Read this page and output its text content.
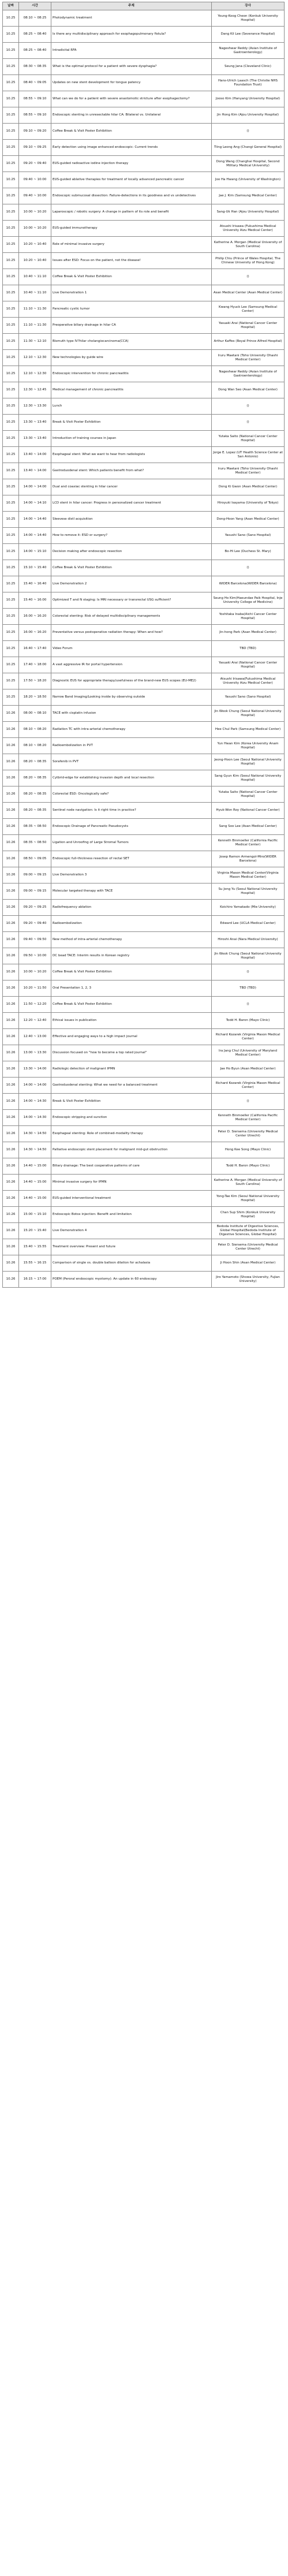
날짜	시간	주제	강사
10.25	08:10 ~ 08:25	Photodynamic treatment	Young-Koog Cheon (Konkuk University Hospital)
10.25	08:25 ~ 08:40	Is there any multidisciplinary approach for esophagopulmonary fistula?	Dang Kil Lee (Severance Hospital)
10.25	08:25 ~ 08:40	Intradicital RFA	Nageshwar Reddy (Asian Institute of Gastroenterology)
10.25	08:30 ~ 08:35	What is the optimal protocol for a patient with severe dysphagia?	Seung Jana (Cleveland Clinic)
10.25	08:40 ~ 09:05	Updates on new stent development for tongue patency	Hans-Ulrich Laasch (The Christie NHS Foundation Trust)
10.25	08:55 ~ 09:10	What can we do for a patient with severe anastomotic stricture after esophagectomy?	Jooso Kim (Hanyang University Hospital)
10.25	08:55 ~ 09:10	Endoscopic stenting in unresectable hilar CA: Bilateral vs. Unilateral	Jin Hong Kim (Ajou University Hospital)
10.25	09:10 ~ 09:20	Coffee Break & Visit Poster Exhibition	()
10.25	09:10 ~ 09:25	Early detection using image enhanced endoscopic: Current trends	Tiing Leong Ang (Changi General Hospital)
10.25	09:20 ~ 09:40	EUS-guided radioactive iodine injection therapy	Dong Wang (Changhai Hospital, Second Military Medical University)
10.25	09:40 ~ 10:00	EUS-guided ablative therapies for treatment of locally advanced pancreatic cancer	Joo Ha Hwang (University of Washington)
10.25	09:40 ~ 10:00	Endoscopic submucosal dissection: Failure-detections in its goodness and vs undetectives	Jae J. Kim (Samsung Medical Center)
10.25	10:00 ~ 10:20	Laparoscopic / robotic surgery: A change in pattern of its role and benefit	Sang-Uk Han (Ajou University Hospital)
10.25	10:00 ~ 10:20	EUS-guided immunotherapy	Atsushi Irisawa (Fukushima Medical University Aizu Medical Center)
10.25	10:20 ~ 10:40	Role of minimal invasive surgery	Katherine A. Morgan (Medical University of South Carolina)
10.25	10:20 ~ 10:40	Issues after ESD: Focus on the patient, not the disease!	Philip Chiu (Prince of Wales Hospital, The Chinese University of Hong Kong)
10.25	10:40 ~ 11:10	Coffee Break & Visit Poster Exhibition	()
10.25	10:40 ~ 11:10	Live Demonstration 1	Asan Medical Center (Asan Medical Center)
10.25	11:10 ~ 11:30	Pancreatic cystic tumor	Kwang Hyuck Lee (Samsung Medical Center)
10.25	11:10 ~ 11:30	Preoperative biliary drainage in hilar CA	Yasuaki Arai (National Cancer Center Hospital)
10.25	11:30 ~ 12:10	Bismuth type IV?hilar cholangiocarcinoma(CCA)	Arthur Kaffes (Royal Prince Alfred Hospital)
10.25	12:10 ~ 12:30	New technologies by guide wire	Iruru Maetani (Toho University Ohashi Medical Center)
10.25	12:10 ~ 12:30	Endoscopic intervention for chronic pancreatitis	Nageshwar Reddy (Asian Institute of Gastroenterology)
10.25	12:30 ~ 12:45	Medical management of chronic pancreatitis	Dong Wan Seo (Asan Medical Center)
10.25	12:30 ~ 13:30	Lunch	()
10.25	13:30 ~ 13:40	Break & Visit Poster Exhibition	()
10.25	13:30 ~ 13:40	Introduction of training courses in Japan	Yutaka Saito (National Cancer Center Hospital)
10.25	13:40 ~ 14:00	Esophageal stent: What we want to hear from radiologists	Jorge E. Lopez (UT Health Science Center at San Antonio)
10.25	13:40 ~ 14:00	Gastroduodenal stent: Which patients benefit from what?	Iruru Maetani (Toho University Ohashi Medical Center)
10.25	14:00 ~ 14:00	Dual and coaxiac stenting in hilar cancer	Dong Ki Gwon (Asan Medical Center)
10.25	14:00 ~ 14:10	LCD stent in hilar cancer: Progress in personalized cancer treatment	Hiroyuki Isayama (University of Tokyo)
10.25	14:00 ~ 14:40	Sleevese distl acquisition	Dong-Hoon Yang (Asan Medical Center)
10.25	14:00 ~ 14:40	How to remove it: ESD or surgery?	Yasushi Sano (Sano Hospital)
10.25	14:00 ~ 15:10	Decision making after endoscopic resection	Bo-Hi Lee (Duchess St. Mary)
10.25	15:10 ~ 15:40	Coffee Break & Visit Poster Exhibition	()
10.25	15:40 ~ 16:40	Live Demonstration 2	WIDER Barcelona(WIDER Barcelona)
10.25	15:40 ~ 16:00	Optimized T and N staging: Is MRI necessary or transrectal USG sufficient?	Seung Ho Kim(Haeundae Paik Hospital, Inje University College of Medicine)
10.25	16:00 ~ 16:20	Colorectal stenting: Risk of delayed multidisciplinary managements	Yoshitaka Inaba(Aichi Cancer Center Hospital)
10.25	16:00 ~ 16:20	Preventative versus postoperative radiation therapy: When and how?	Jin-hong Park (Asan Medical Center)
10.25	16:40 ~ 17:40	Video Forum	TBD (TBD)
10.25	17:40 ~ 18:00	A vast aggressive IR for portal hypertension	Yasuaki Arai (National Cancer Center Hospital)
10.25	17:50 ~ 18:20	Diagnostic EUS for appropriate therapy/usefulness of the brand-new EUS scopes (EU-ME2)	Atsushi Irisawa(Fukushima Medical University Aizu Medical Center)
10.25	18:20 ~ 18:50	Narrow Band Imaging/Looking inside by observing outside	Yasushi Sano (Sano Hospital)
10.26	08:00 ~ 08:10	TACE with cisplatin infusion	Jin Wook Chung (Seoul National University Hospital)
10.26	08:10 ~ 08:20	Radiation TC with intra-arterial chemotherapy	Hee Chul Park (Samsung Medical Center)
10.26	08:10 ~ 08:20	Radioembolization in PVT	Yun Hwan Kim (Korea University Anam Hospital)
10.26	08:20 ~ 08:35	Sorafenib in PVT	Jeong-Hoon Lee (Seoul National University Hospital)
10.26	08:20 ~ 08:35	Cytbrid-edge for establishing invasion depth and local resection	Sang Gyun Kim (Seoul National University Hospital)
10.26	08:20 ~ 08:35	Colorectal ESD: Oncologically safe?	Yutaka Saito (National Cancer Center Hospital)
10.26	08:20 ~ 08:35	Sentinel node navigation: Is it right time in practice?	Hyuk-Won Roy (National Cancer Center)
10.26	08:35 ~ 08:50	Endoscopic Drainage of Pancreatic Pseudocysts	Sang Soo Lee (Asan Medical Center)
10.26	08:35 ~ 08:50	Ligation and Unroofing of Large Stromal Tumors	Kenneth Binmoeller (California Pacific Medical Center)
10.26	08:50 ~ 09:05	Endoscopic full-thickness resection of rectal SET	Josep Ramon Armengol-Miro(WIDER Barcelona)
10.26	09:00 ~ 09:15	Live Demonstration 3	Virginia Mason Medical Center(Virginia Mason Medical Center)
10.26	09:00 ~ 09:15	Molecular targeted therapy with TACE	Su Jong Yu (Seoul National University Hospital)
10.26	09:20 ~ 09:25	Radiofrequency ablation	Koichiro Yamakado (Mie University)
10.26	09:20 ~ 09:40	Radioembolization	Edward Lee (UCLA Medical Center)
10.26	09:40 ~ 09:50	New method of intra-arterial chemotherapy	Hiroshi Anai (Nara Medical University)
10.26	09:50 ~ 10:00	DC bead TACE: Interim results in Korean registry	Jin Wook Chung (Seoul National University Hospital)
10.26	10:00 ~ 10:20	Coffee Break & Visit Poster Exhibition	()
10.26	10:20 ~ 11:50	Oral Presentation 1, 2, 3	TBD (TBD)
10.26	11:50 ~ 12:20	Coffee Break & Visit Poster Exhibition	()
10.26	12:20 ~ 12:40	Ethical issues in publication	Todd H. Baron (Mayo Clinic)
10.26	12:40 ~ 13:00	Effective and engaging ways to a high impact journal	Richard Kozarek (Virginia Mason Medical Center)
10.26	13:00 ~ 13:30	Discussion focused on "how to become a top rated journal"	Ira Jang Chul (University of Maryland Medical Center)
10.26	13:30 ~ 14:00	Radiologic detection of malignant IPMN	Jae Ho Byun (Asan Medical Center)
10.26	14:00 ~ 14:00	Gastroduodenal stenting: What we need for a balanced treatment	Richard Kozarek (Virginia Mason Medical Center)
10.26	14:00 ~ 14:30	Break & Visit Poster Exhibition	()
10.26	14:00 ~ 14:30	Endoscopic stripping and sunction	Kenneth Binmoeller (California Pacific Medical Center)
10.26	14:30 ~ 14:50	Esophageal stenting: Role of combined-modality therapy	Peter D. Siersema (University Medical Center Utrecht)
10.26	14:30 ~ 14:50	Palliative endoscopic stent placement for malignant mid-gut obstruction	Hong Kee Song (Mayo Clinic)
10.26	14:40 ~ 15:00	Biliary drainage: The best cooperative patterns of care	Todd H. Baron (Mayo Clinic)
10.26	14:40 ~ 15:00	Minimal invasive surgery for IPMN	Katherine A. Morgan (Medical University of South Carolina)
10.26	14:40 ~ 15:00	EUS-guided interventional treatment	Yong-Tae Kim (Seoul National University Hospital)
10.26	15:00 ~ 15:10	Endoscopic Botox injection: Benefit and limitation	Chan Sup Shim (Konkuk University Hospital)
10.26	15:20 ~ 15:40	Live Demonstration 4	Bedoda Institute of Digestive Sciences, Global Hospital(Bedoda Institute of Digestive Sciences, Global Hospital)
10.26	15:40 ~ 15:55	Treatment overview: Present and future	Peter D. Siersema (University Medical Center Utrecht)
10.26	15:55 ~ 16:15	Comparison of single vs. double balloon dilation for achalasia	Ji Hoon Shin (Asan Medical Center)
10.26	16:15 ~ 17:00	POEM (Peroral endoscopic myotomy): An update in 60 endoscopy	Jiro Yamamoto (Showa University, Fujian University)
